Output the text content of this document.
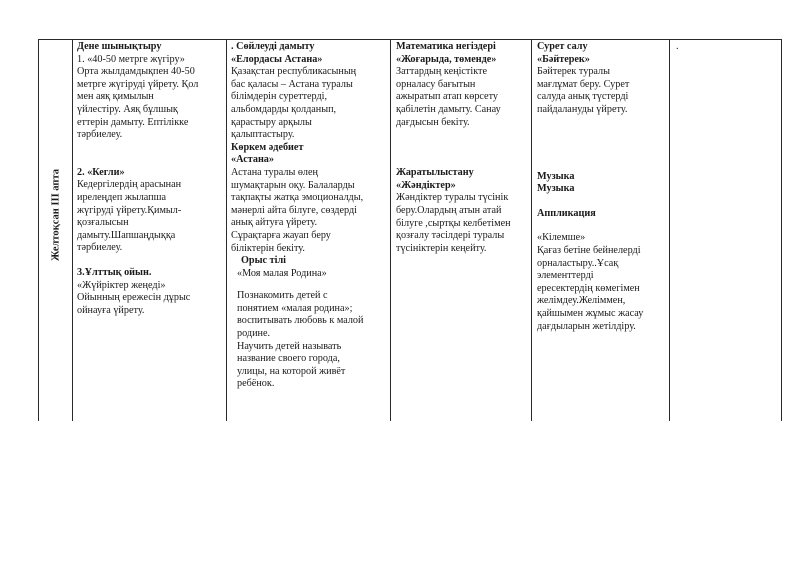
Желтоқсан III апта

Дене шынықтыру

1. «40-50 метрге жүгіру»

Орта жылдамдықпен 40-50

метрге жүгіруді үйрету. Қол

мен аяқ қимылын

үйлестіру. Аяқ бұлшық

еттерін дамыту. Ептілікке

тәрбиелеу.

2. «Кегли»

Кедергілердің арасынан

ирелеңдеп жылапша

жүгіруді үйрету.Қимыл-

қозғалысын

дамыту.Шапшаңдыққа

тәрбиелеу.

3.Ұлттық ойын.

«Жүйріктер жеңеді»

Ойынның ережесін дұрыс

ойнауға үйрету.

. Сөйлеуді дамыту

«Елордасы Астана»

Қазақстан республикасының

бас қаласы – Астана туралы

білімдерін суреттерді,

альбомдарды қолданып,

қарастыру арқылы

қалыптастыру.

Көркем әдебиет

«Астана»

Астана туралы өлең

шумақтарын оқу. Балаларды

тақпақты жатқа эмоционалды,

мәнерлі айта білуге, сөздерді

анық айтуға үйрету.

Сұрақтарға жауап беру

біліктерін бекіту.

Орыс тілі

«Моя малая Родина»

Познакомить детей с

понятием «малая родина»;

воспитывать любовь к малой

родине.

Научить детей называть

название своего города,

улицы, на которой живёт

ребёнок.

Математика негіздері

«Жоғарыда, төменде»

Заттардың кеңістікте

орналасу бағытын

ажыратып атап көрсету

қабілетін дамыту. Санау

дағдысын бекіту.

Жаратылыстану

«Жәндіктер»

Жәндіктер туралы түсінік

беру.Олардың атын атай

білуге ,сыртқы келбетімен

қозғалу тәсілдері туралы

түсініктерін кеңейту.

Сурет салу

«Бәйтерек»

Бәйтерек туралы

мағлұмат беру. Сурет

салуда анық түстерді

пайдалануды үйрету.

Музыка

Музыка

Аппликация

«Кілемше»

Қағаз бетіне бейнелерді

орналастыру..Ұсақ

элементтерді

ересектердің көмегімен

желімдеу.Желіммен,

қайшымен жұмыс жасау

дағдыларын жетілдіру.

.
